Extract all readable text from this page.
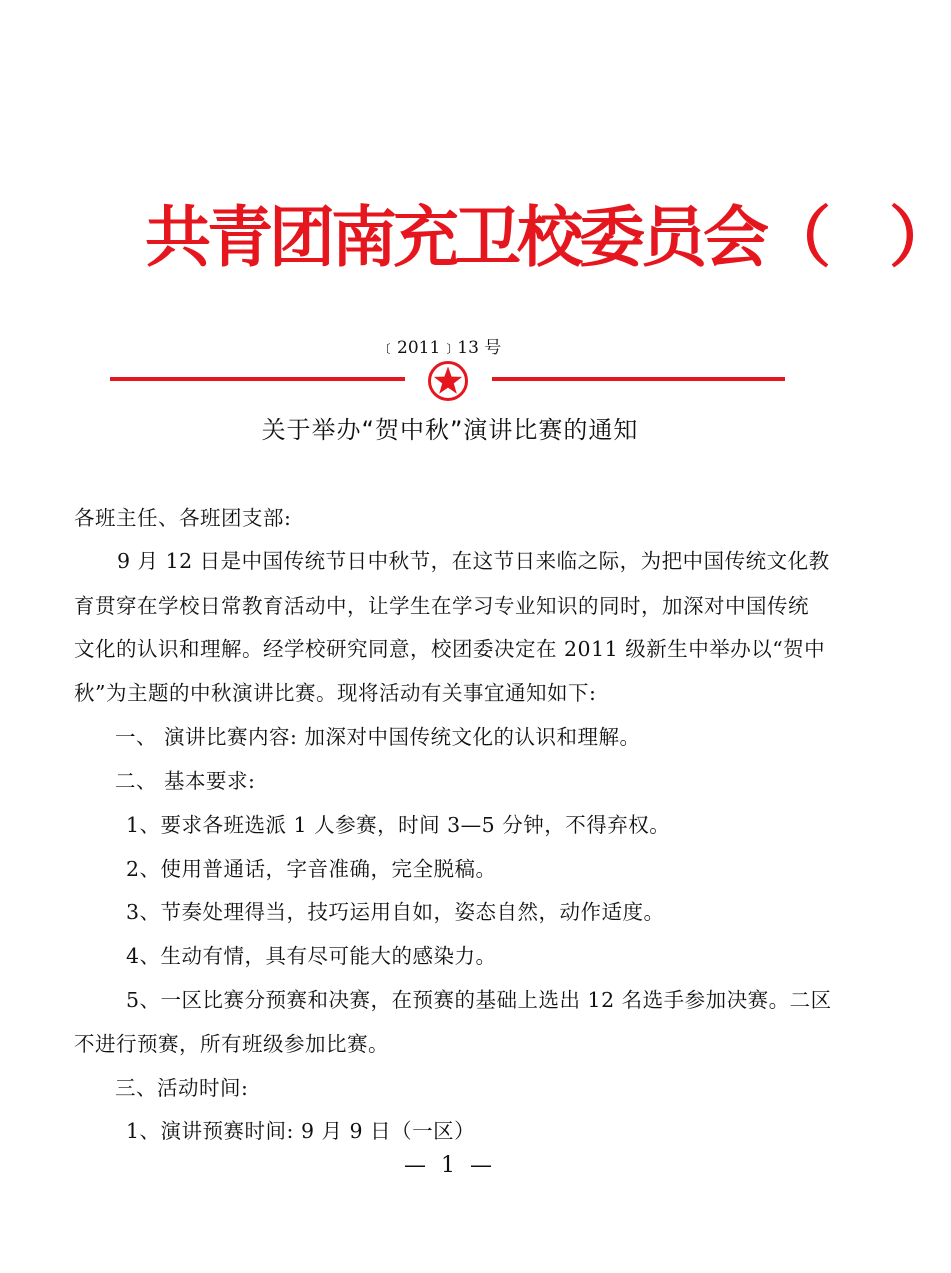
共青团南充卫校委员会（ ）
﹝2011﹞13 号
关于举办“贺中秋”演讲比赛的通知
各班主任、各班团支部:
9 月 12 日是中国传统节日中秋节，在这节日来临之际，为把中国传统文化教
育贯穿在学校日常教育活动中，让学生在学习专业知识的同时，加深对中国传统
文化的认识和理解。经学校研究同意，校团委决定在 2011 级新生中举办以“贺中
秋”为主题的中秋演讲比赛。现将活动有关事宜通知如下:
一、 演讲比赛内容: 加深对中国传统文化的认识和理解。
二、 基本要求:
1、要求各班选派 1 人参赛，时间 3—5 分钟，不得弃权。
2、使用普通话，字音准确，完全脱稿。
3、节奏处理得当，技巧运用自如，姿态自然，动作适度。
4、生动有情，具有尽可能大的感染力。
5、一区比赛分预赛和决赛，在预赛的基础上选出 12 名选手参加决赛。二区
不进行预赛，所有班级参加比赛。
三、活动时间:
1、演讲预赛时间: 9 月 9 日（一区）
— 1 —
